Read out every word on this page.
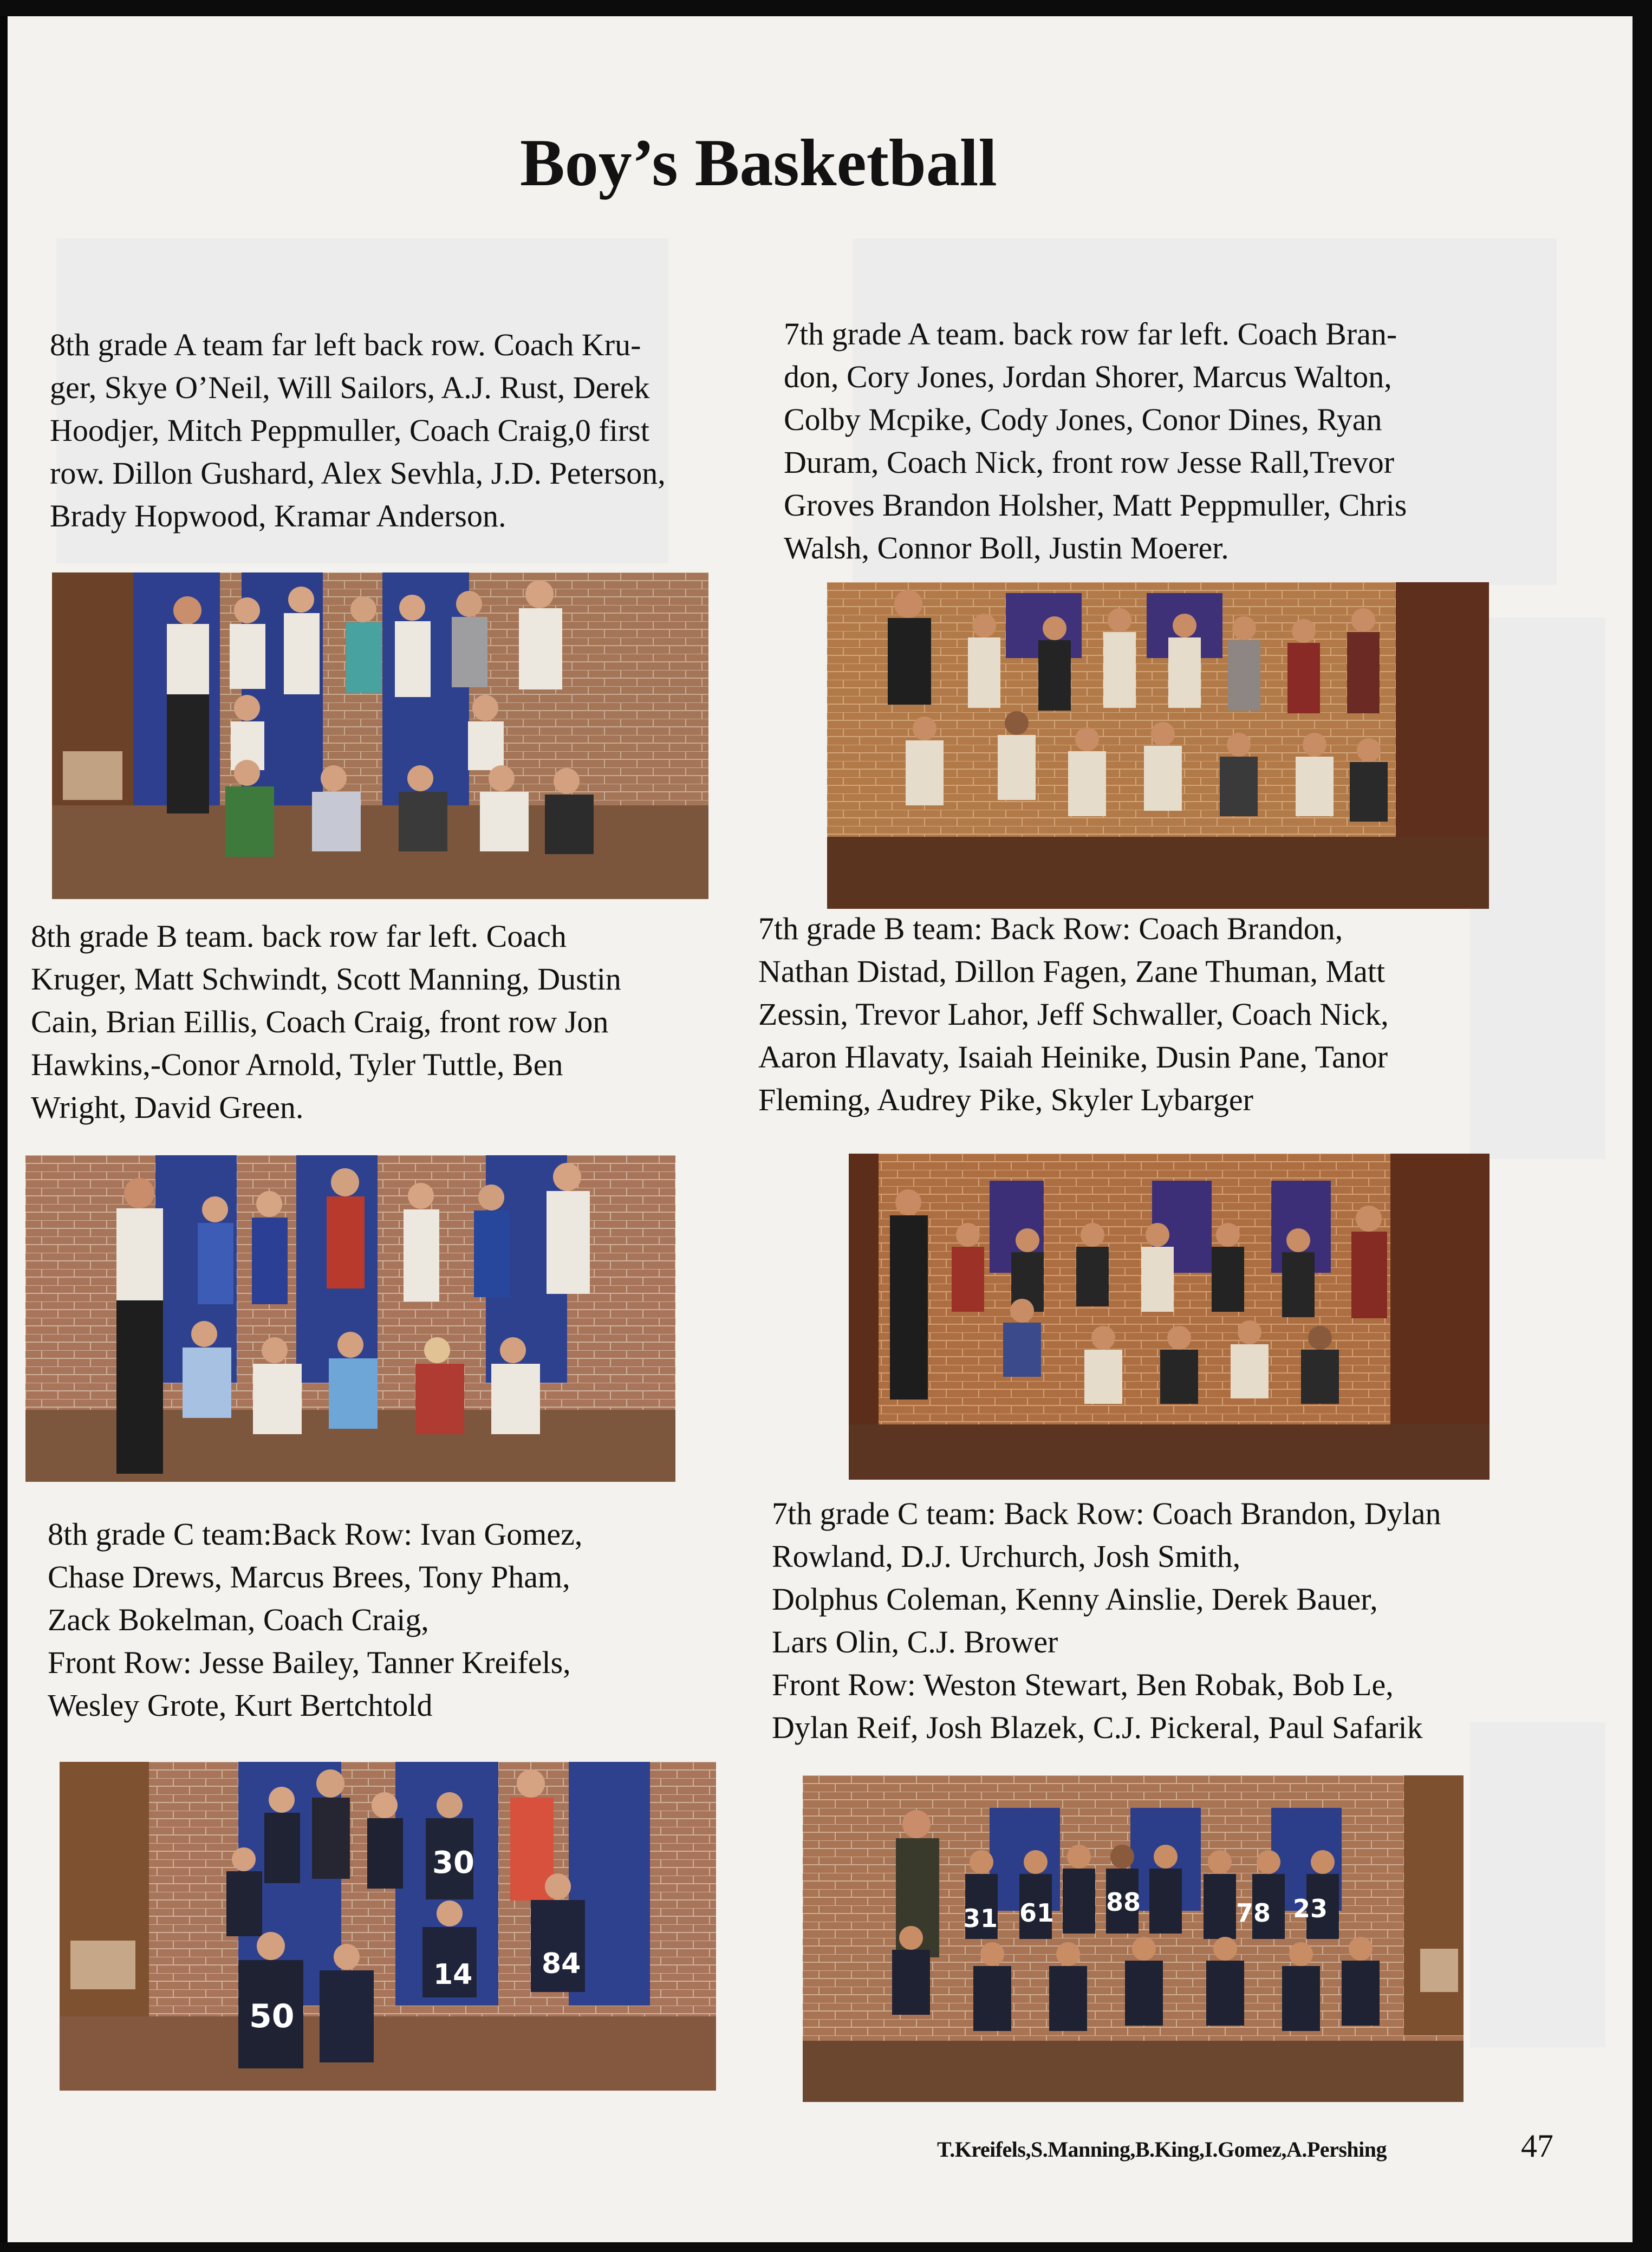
Boy’s Basketball
8th grade A team far left back row. Coach Kru-
ger, Skye O’Neil, Will Sailors, A.J. Rust, Derek
Hoodjer, Mitch Peppmuller, Coach Craig,0 first
row. Dillon Gushard, Alex Sevhla, J.D. Peterson,
Brady Hopwood, Kramar Anderson.
7th grade A team. back row far left. Coach Bran-
don, Cory Jones, Jordan Shorer, Marcus Walton,
Colby Mcpike, Cody Jones, Conor Dines, Ryan
Duram, Coach Nick, front row Jesse Rall,Trevor
Groves Brandon Holsher, Matt Peppmuller, Chris
Walsh, Connor Boll, Justin Moerer.
8th grade B team. back row far left. Coach
Kruger, Matt Schwindt, Scott Manning, Dustin
Cain, Brian Eillis, Coach Craig, front row Jon
Hawkins,-Conor Arnold, Tyler Tuttle, Ben
Wright, David Green.
7th grade B team: Back Row: Coach Brandon,
Nathan Distad, Dillon Fagen, Zane Thuman, Matt
Zessin, Trevor Lahor, Jeff Schwaller, Coach Nick,
Aaron Hlavaty, Isaiah Heinike, Dusin Pane, Tanor
Fleming, Audrey Pike, Skyler Lybarger
8th grade C team:Back Row: Ivan Gomez,
Chase Drews, Marcus Brees, Tony Pham,
Zack Bokelman, Coach Craig,
Front Row: Jesse Bailey, Tanner Kreifels,
Wesley Grote, Kurt Bertchtold
7th grade C team: Back Row: Coach Brandon, Dylan
Rowland, D.J. Urchurch, Josh Smith,
Dolphus Coleman, Kenny Ainslie, Derek Bauer,
Lars Olin, C.J. Brower
Front Row: Weston Stewart, Ben Robak, Bob Le,
Dylan Reif, Josh Blazek, C.J. Pickeral, Paul Safarik
30
14 84
50
31 61 88	78 23
T.Kreifels,S.Manning,B.King,I.Gomez,A.Pershing	47
